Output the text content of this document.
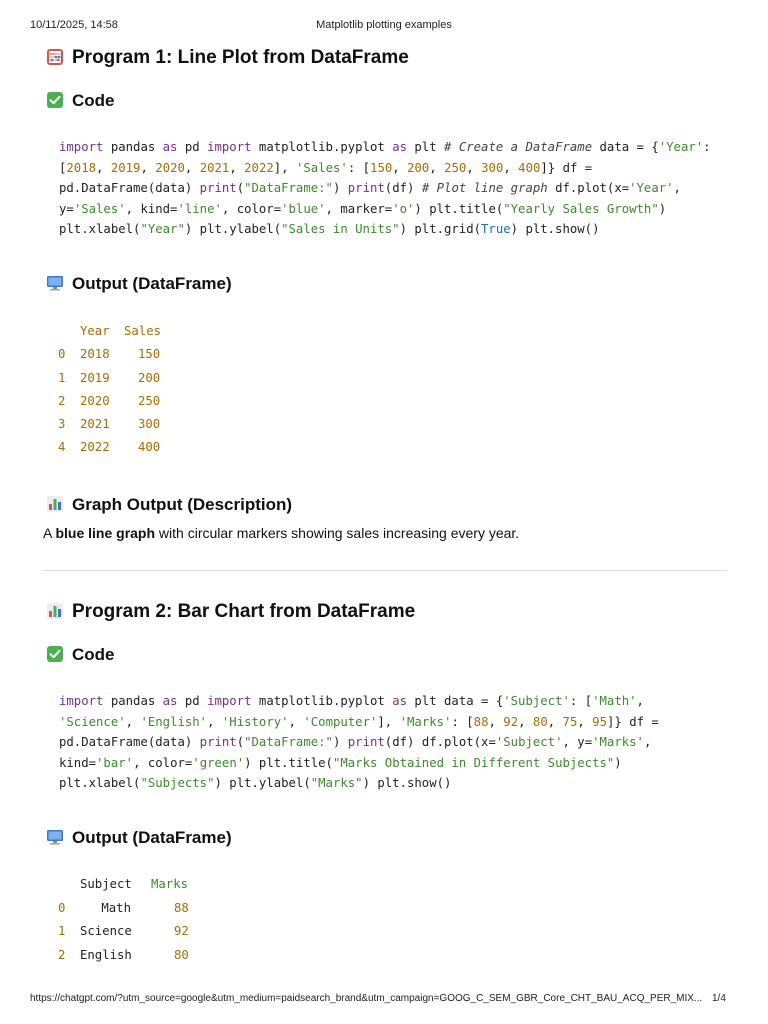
10/11/2025, 14:58	Matplotlib plotting examples
Program 1: Line Plot from DataFrame
Code
import pandas as pd import matplotlib.pyplot as plt # Create a DataFrame data = {'Year':
[2018, 2019, 2020, 2021, 2022], 'Sales': [150, 200, 250, 300, 400]} df =
pd.DataFrame(data) print("DataFrame:") print(df) # Plot line graph df.plot(x='Year',
y='Sales', kind='line', color='blue', marker='o') plt.title("Yearly Sales Growth")
plt.xlabel("Year") plt.ylabel("Sales in Units") plt.grid(True) plt.show()
Output (DataFrame)
Year Sales
0 2018 150
1 2019 200
2 2020 250
3 2021 300
4 2022 400
Graph Output (Description)
A blue line graph with circular markers showing sales increasing every year.
Program 2: Bar Chart from DataFrame
Code
import pandas as pd import matplotlib.pyplot as plt data = {'Subject': ['Math',
'Science', 'English', 'History', 'Computer'], 'Marks': [88, 92, 80, 75, 95]} df =
pd.DataFrame(data) print("DataFrame:") print(df) df.plot(x='Subject', y='Marks',
kind='bar', color='green') plt.title("Marks Obtained in Different Subjects")
plt.xlabel("Subjects") plt.ylabel("Marks") plt.show()
Output (DataFrame)
Subject Marks
0	Math	88
1 Science	92
2 English	80
https://chatgpt.com/?utm_source=google&utm_medium=paidsearch_brand&utm_campaign=GOOG_C_SEM_GBR_Core_CHT_BAU_ACQ_PER_MIX... 1/4
